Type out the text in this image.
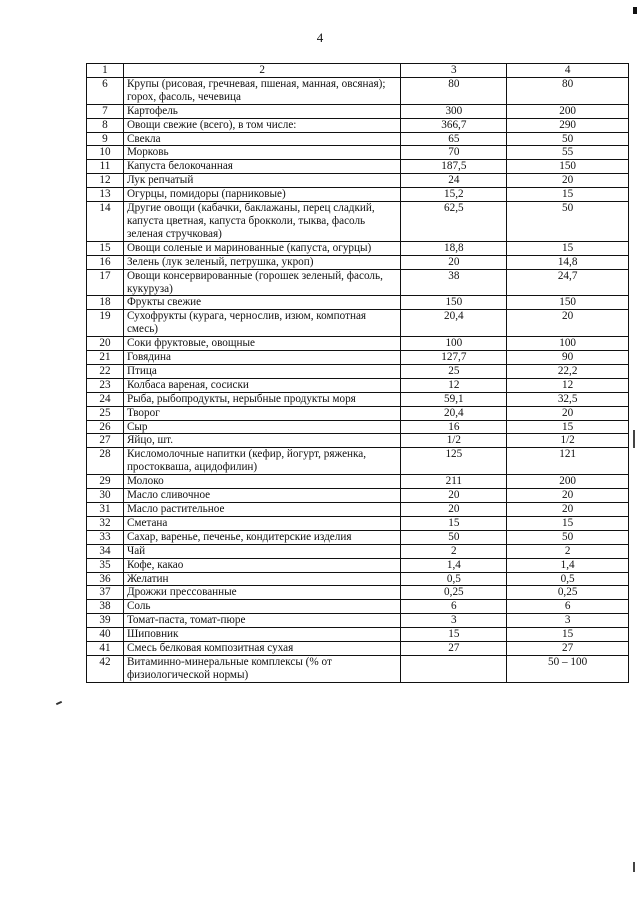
4
1	2	3	4
6	Крупы (рисовая, гречневая, пшеная, манная, овсяная); горох, фасоль, чечевица	80	80
7	Картофель	300	200
8	Овощи свежие (всего), в том числе:	366,7	290
9	Свекла	65	50
10	Морковь	70	55
11	Капуста белокочанная	187,5	150
12	Лук репчатый	24	20
13	Огурцы, помидоры (парниковые)	15,2	15
14	Другие овощи (кабачки, баклажаны, перец сладкий, капуста цветная, капуста брокколи, тыква, фасоль зеленая стручковая)	62,5	50
15	Овощи соленые и маринованные (капуста, огурцы)	18,8	15
16	Зелень (лук зеленый, петрушка, укроп)	20	14,8
17	Овощи консервированные (горошек зеленый, фасоль, кукуруза)	38	24,7
18	Фрукты свежие	150	150
19	Сухофрукты (курага, чернослив, изюм, компотная смесь)	20,4	20
20	Соки фруктовые, овощные	100	100
21	Говядина	127,7	90
22	Птица	25	22,2
23	Колбаса вареная, сосиски	12	12
24	Рыба, рыбопродукты, нерыбные продукты моря	59,1	32,5
25	Творог	20,4	20
26	Сыр	16	15
27	Яйцо, шт.	1/2	1/2
28	Кисломолочные напитки (кефир, йогурт, ряженка, простокваша, ацидофилин)	125	121
29	Молоко	211	200
30	Масло сливочное	20	20
31	Масло растительное	20	20
32	Сметана	15	15
33	Сахар, варенье, печенье, кондитерские изделия	50	50
34	Чай	2	2
35	Кофе, какао	1,4	1,4
36	Желатин	0,5	0,5
37	Дрожжи прессованные	0,25	0,25
38	Соль	6	6
39	Томат-паста, томат-пюре	3	3
40	Шиповник	15	15
41	Смесь белковая композитная сухая	27	27
42	Витаминно-минеральные комплексы (% от физиологической нормы)		50 – 100
